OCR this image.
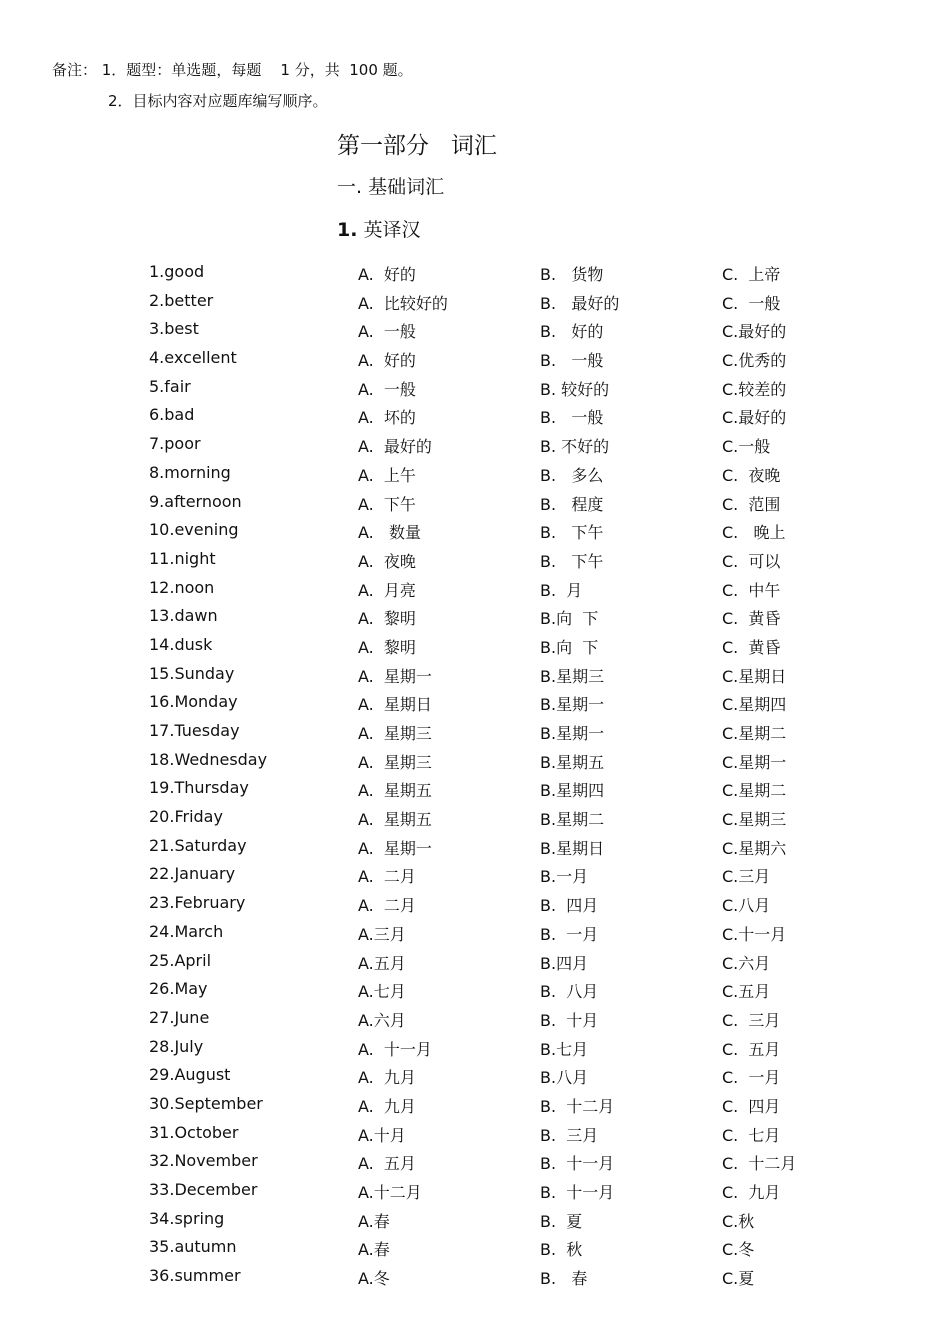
备注： 1．题型：单选题，每题    1 分，共  100 题。
2．目标内容对应题库编写顺序。
第一部分   词汇
一. 基础词汇
1. 英译汉
1.good	A.  好的	B.   货物	C.  上帝
2.better	A.  比较好的	B.   最好的	C.  一般
3.best	A.  一般	B.   好的	C.最好的
4.excellent	A.  好的	B.   一般	C.优秀的
5.fair	A.  一般	B. 较好的	C.较差的
6.bad	A.  坏的	B.   一般	C.最好的
7.poor	A.  最好的	B. 不好的	C.一般
8.morning	A.  上午	B.   多么	C.  夜晚
9.afternoon	A.  下午	B.   程度	C.  范围
10.evening	A.   数量	B.   下午	C.   晚上
11.night	A.  夜晚	B.   下午	C.  可以
12.noon	A.  月亮	B.  月	C.  中午
13.dawn	A.  黎明	B.向  下	C.  黄昏
14.dusk	A.  黎明	B.向  下	C.  黄昏
15.Sunday	A.  星期一	B.星期三	C.星期日
16.Monday	A.  星期日	B.星期一	C.星期四
17.Tuesday	A.  星期三	B.星期一	C.星期二
18.Wednesday	A.  星期三	B.星期五	C.星期一
19.Thursday	A.  星期五	B.星期四	C.星期二
20.Friday	A.  星期五	B.星期二	C.星期三
21.Saturday	A.  星期一	B.星期日	C.星期六
22.January	A.  二月	B.一月	C.三月
23.February	A.  二月	B.  四月	C.八月
24.March	A.三月	B.  一月	C.十一月
25.April	A.五月	B.四月	C.六月
26.May	A.七月	B.  八月	C.五月
27.June	A.六月	B.  十月	C.  三月
28.July	A.  十一月	B.七月	C.  五月
29.August	A.  九月	B.八月	C.  一月
30.September	A.  九月	B.  十二月	C.  四月
31.October	A.十月	B.  三月	C.  七月
32.November	A.  五月	B.  十一月	C.  十二月
33.December	A.十二月	B.  十一月	C.  九月
34.spring	A.春	B.  夏	C.秋
35.autumn	A.春	B.  秋	C.冬
36.summer	A.冬	B.   春	C.夏
